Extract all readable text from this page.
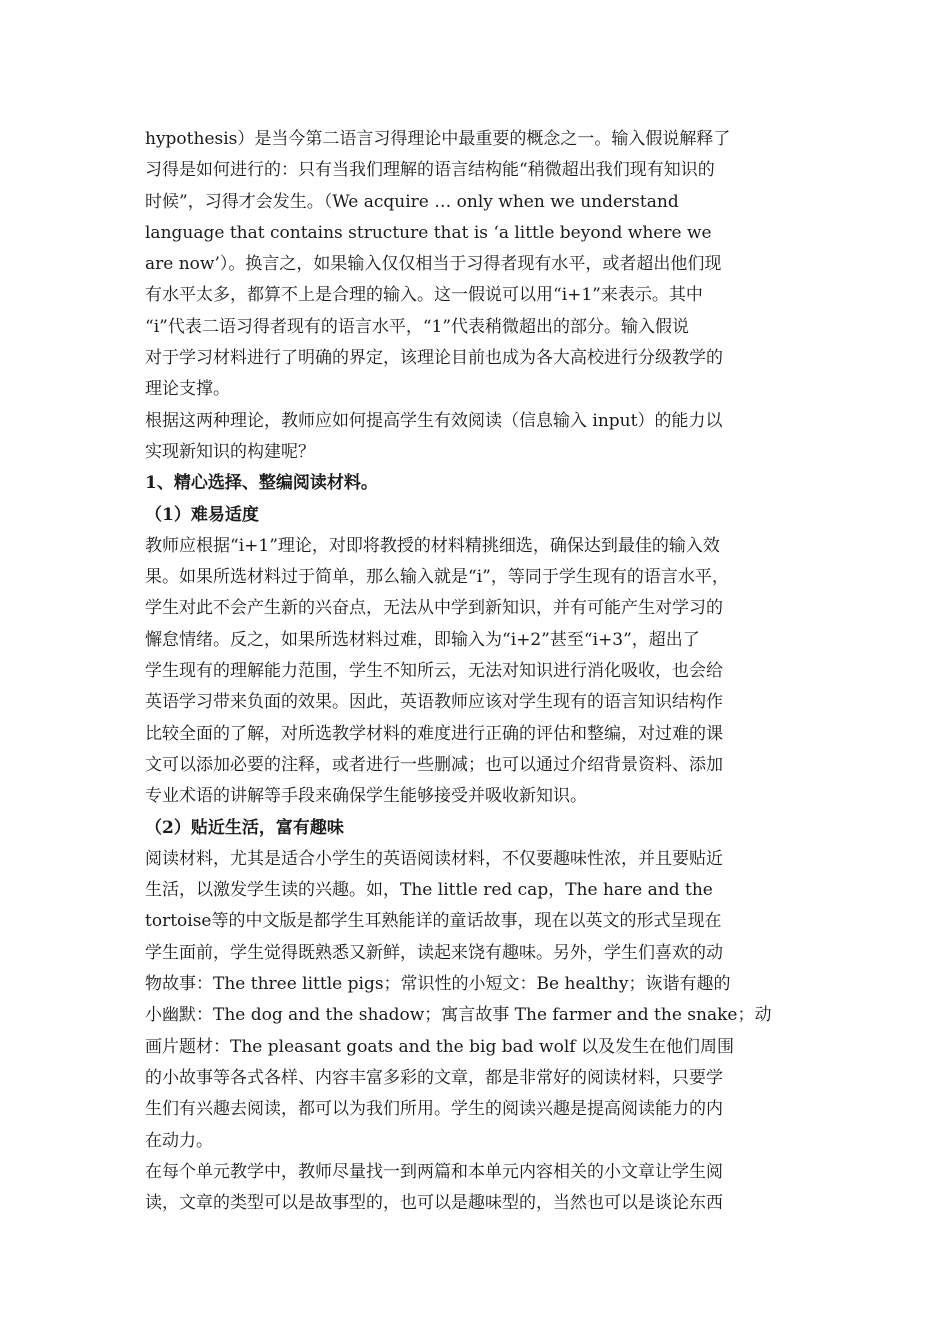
hypothesis）是当今第二语言习得理论中最重要的概念之一。输入假说解释了
习得是如何进行的：只有当我们理解的语言结构能“稍微超出我们现有知识的
时候”，习得才会发生。（We acquire … only when we understand
language that contains structure that is ‘a little beyond where we
are now’）。换言之，如果输入仅仅相当于习得者现有水平，或者超出他们现
有水平太多，都算不上是合理的输入。这一假说可以用“i+1”来表示。其中
“i”代表二语习得者现有的语言水平，“1”代表稍微超出的部分。输入假说
对于学习材料进行了明确的界定，该理论目前也成为各大高校进行分级教学的
理论支撑。
根据这两种理论，教师应如何提高学生有效阅读（信息输入 input）的能力以
实现新知识的构建呢？
1、精心选择、整编阅读材料。
（1）难易适度
教师应根据“i+1”理论，对即将教授的材料精挑细选，确保达到最佳的输入效
果。如果所选材料过于简单，那么输入就是“i”，等同于学生现有的语言水平，
学生对此不会产生新的兴奋点，无法从中学到新知识，并有可能产生对学习的
懈怠情绪。反之，如果所选材料过难，即输入为“i+2”甚至“i+3”，超出了
学生现有的理解能力范围，学生不知所云，无法对知识进行消化吸收，也会给
英语学习带来负面的效果。因此，英语教师应该对学生现有的语言知识结构作
比较全面的了解，对所选教学材料的难度进行正确的评估和整编，对过难的课
文可以添加必要的注释，或者进行一些删减；也可以通过介绍背景资料、添加
专业术语的讲解等手段来确保学生能够接受并吸收新知识。
（2）贴近生活，富有趣味
阅读材料，尤其是适合小学生的英语阅读材料，不仅要趣味性浓，并且要贴近
生活，以激发学生读的兴趣。如，The little red cap，The hare and the
tortoise等的中文版是都学生耳熟能详的童话故事，现在以英文的形式呈现在
学生面前，学生觉得既熟悉又新鲜，读起来饶有趣味。另外，学生们喜欢的动
物故事：The three little pigs；常识性的小短文：Be healthy；诙谐有趣的
小幽默：The dog and the shadow；寓言故事 The farmer and the snake；动
画片题材：The pleasant goats and the big bad wolf 以及发生在他们周围
的小故事等各式各样、内容丰富多彩的文章，都是非常好的阅读材料，只要学
生们有兴趣去阅读，都可以为我们所用。学生的阅读兴趣是提高阅读能力的内
在动力。
在每个单元教学中，教师尽量找一到两篇和本单元内容相关的小文章让学生阅
读，文章的类型可以是故事型的，也可以是趣味型的，当然也可以是谈论东西
